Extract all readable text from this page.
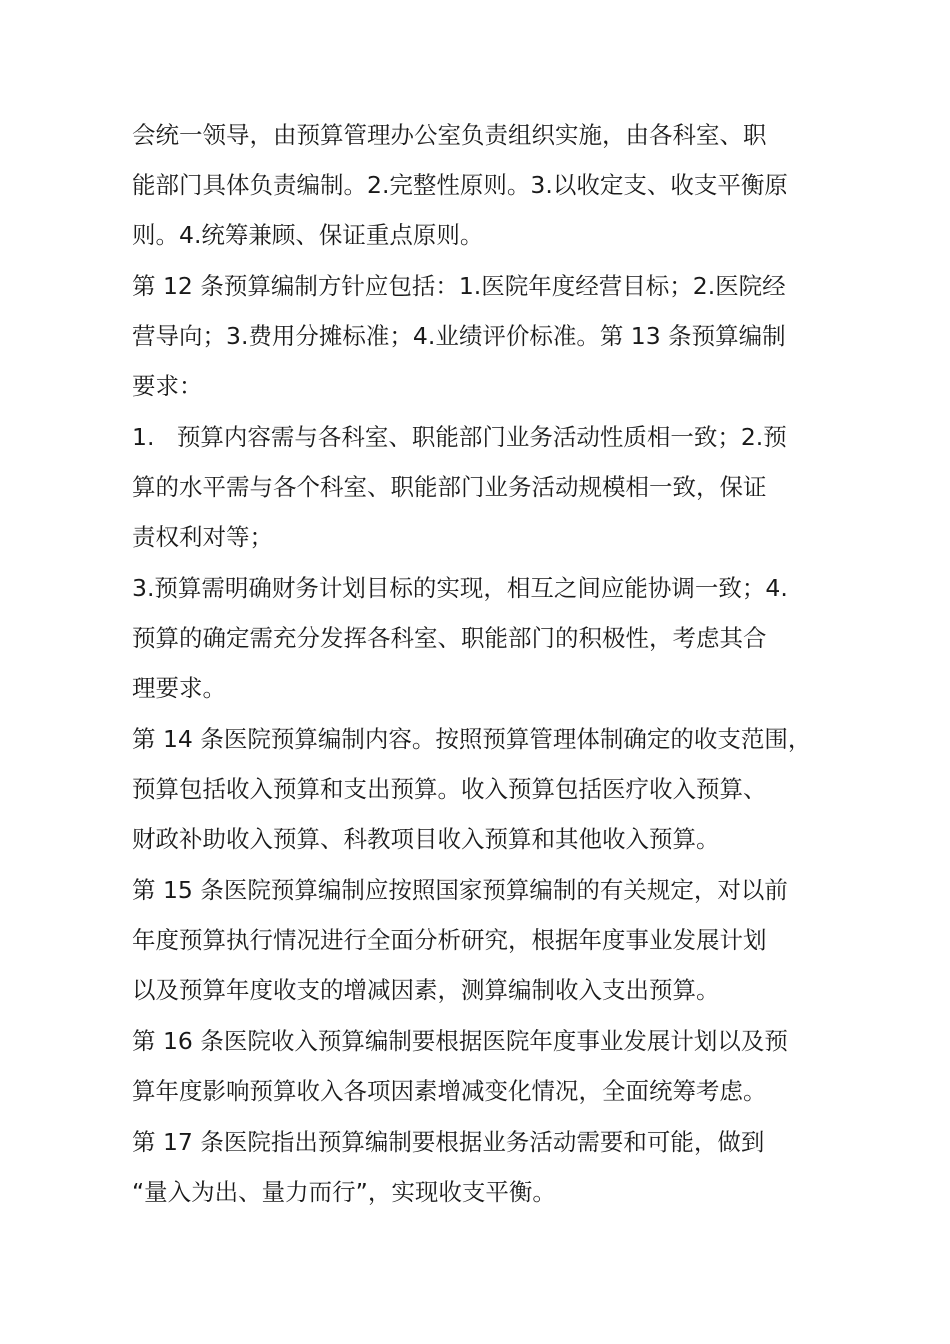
会统一领导，由预算管理办公室负责组织实施，由各科室、职
能部门具体负责编制。2.完整性原则。3.以收定支、收支平衡原
则。4.统筹兼顾、保证重点原则。

第 12 条预算编制方针应包括：1.医院年度经营目标；2.医院经
营导向；3.费用分摊标准；4.业绩评价标准。第 13 条预算编制
要求：

1.   预算内容需与各科室、职能部门业务活动性质相一致；2.预
算的水平需与各个科室、职能部门业务活动规模相一致，保证
责权利对等；

3.预算需明确财务计划目标的实现，相互之间应能协调一致；4.
预算的确定需充分发挥各科室、职能部门的积极性，考虑其合
理要求。

第 14 条医院预算编制内容。按照预算管理体制确定的收支范围，
预算包括收入预算和支出预算。收入预算包括医疗收入预算、
财政补助收入预算、科教项目收入预算和其他收入预算。

第 15 条医院预算编制应按照国家预算编制的有关规定，对以前
年度预算执行情况进行全面分析研究，根据年度事业发展计划
以及预算年度收支的增减因素，测算编制收入支出预算。

第 16 条医院收入预算编制要根据医院年度事业发展计划以及预
算年度影响预算收入各项因素增减变化情况，全面统筹考虑。

第 17 条医院指出预算编制要根据业务活动需要和可能，做到
“量入为出、量力而行”，实现收支平衡。
